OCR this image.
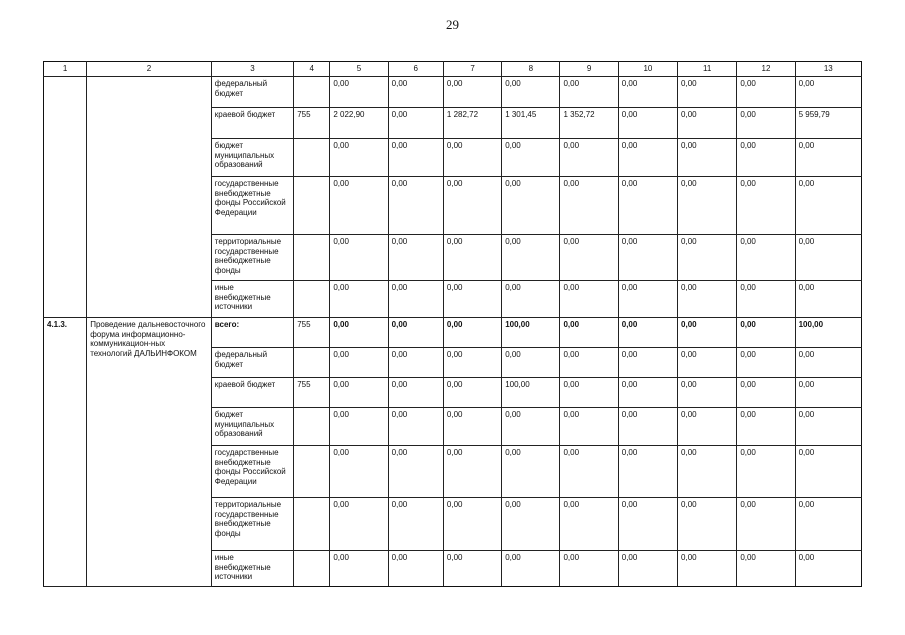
29
1	2	3	4	5	6	7	8	9	10	11	12	13
		федеральный бюджет		0,00	0,00	0,00	0,00	0,00	0,00	0,00	0,00	0,00
		краевой бюджет	755	2 022,90	0,00	1 282,72	1 301,45	1 352,72	0,00	0,00	0,00	5 959,79
		бюджет муниципальных образований		0,00	0,00	0,00	0,00	0,00	0,00	0,00	0,00	0,00
		государственные внебюджетные фонды Российской Федерации		0,00	0,00	0,00	0,00	0,00	0,00	0,00	0,00	0,00
		территориальные государственные внебюджетные фонды		0,00	0,00	0,00	0,00	0,00	0,00	0,00	0,00	0,00
		иные внебюджетные источники		0,00	0,00	0,00	0,00	0,00	0,00	0,00	0,00	0,00
4.1.3.	Проведение дальневосточного форума информационно-коммуникацион-ных технологий ДАЛЬИНФОКОМ	всего:	755	0,00	0,00	0,00	100,00	0,00	0,00	0,00	0,00	100,00
		федеральный бюджет		0,00	0,00	0,00	0,00	0,00	0,00	0,00	0,00	0,00
		краевой бюджет	755	0,00	0,00	0,00	100,00	0,00	0,00	0,00	0,00	0,00
		бюджет муниципальных образований		0,00	0,00	0,00	0,00	0,00	0,00	0,00	0,00	0,00
		государственные внебюджетные фонды Российской Федерации		0,00	0,00	0,00	0,00	0,00	0,00	0,00	0,00	0,00
		территориальные государственные внебюджетные фонды		0,00	0,00	0,00	0,00	0,00	0,00	0,00	0,00	0,00
		иные внебюджетные источники		0,00	0,00	0,00	0,00	0,00	0,00	0,00	0,00	0,00
